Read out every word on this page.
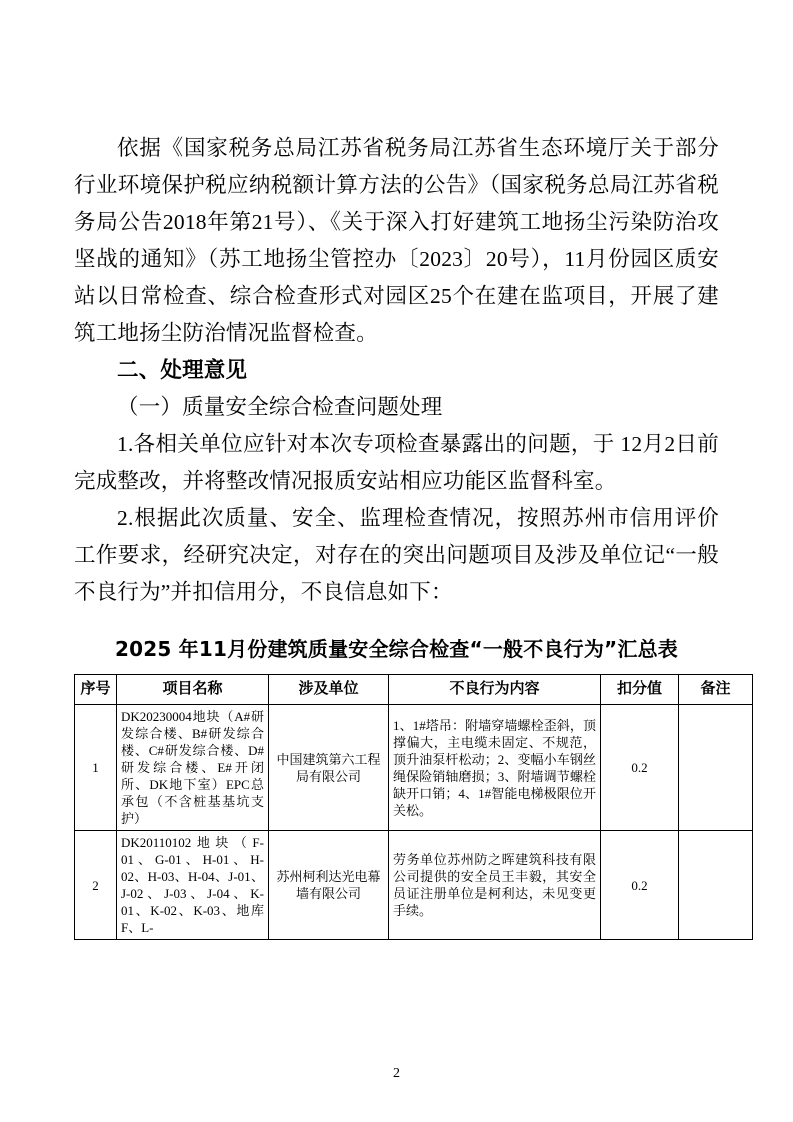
依据《国家税务总局江苏省税务局江苏省生态环境厅关于部分行业环境保护税应纳税额计算方法的公告》（国家税务总局江苏省税务局公告2018年第21号）、《关于深入打好建筑工地扬尘污染防治攻坚战的通知》（苏工地扬尘管控办〔2023〕20号），11月份园区质安站以日常检查、综合检查形式对园区25个在建在监项目，开展了建筑工地扬尘防治情况监督检查。

二、处理意见

（一）质量安全综合检查问题处理

1.各相关单位应针对本次专项检查暴露出的问题，于 12月2日前完成整改，并将整改情况报质安站相应功能区监督科室。

2.根据此次质量、安全、监理检查情况，按照苏州市信用评价工作要求，经研究决定，对存在的突出问题项目及涉及单位记“一般不良行为”并扣信用分，不良信息如下：

2025 年11月份建筑质量安全综合检查“一般不良行为”汇总表
序号	项目名称	涉及单位	不良行为内容	扣分值	备注
1	DK20230004地块（A#研发综合楼、B#研发综合楼、C#研发综合楼、D#研发综合楼、E#开闭所、DK地下室）EPC总承包（不含桩基基坑支护）	中国建筑第六工程局有限公司	1、1#塔吊：附墙穿墙螺栓歪斜，顶撑偏大，主电缆未固定、不规范，顶升油泵杆松动；2、变幅小车钢丝绳保险销轴磨损；3、附墙调节螺栓缺开口销；4、1#智能电梯极限位开关松。	0.2	
2	DK20110102地块（F-01、G-01、H-01、H-02、H-03、H-04、J-01、J-02、J-03、J-04、K-01、K-02、K-03、地库F、L-	苏州柯利达光电幕墙有限公司	劳务单位苏州防之晖建筑科技有限公司提供的安全员王丰毅，其安全员证注册单位是柯利达，未见变更手续。	0.2	
2
